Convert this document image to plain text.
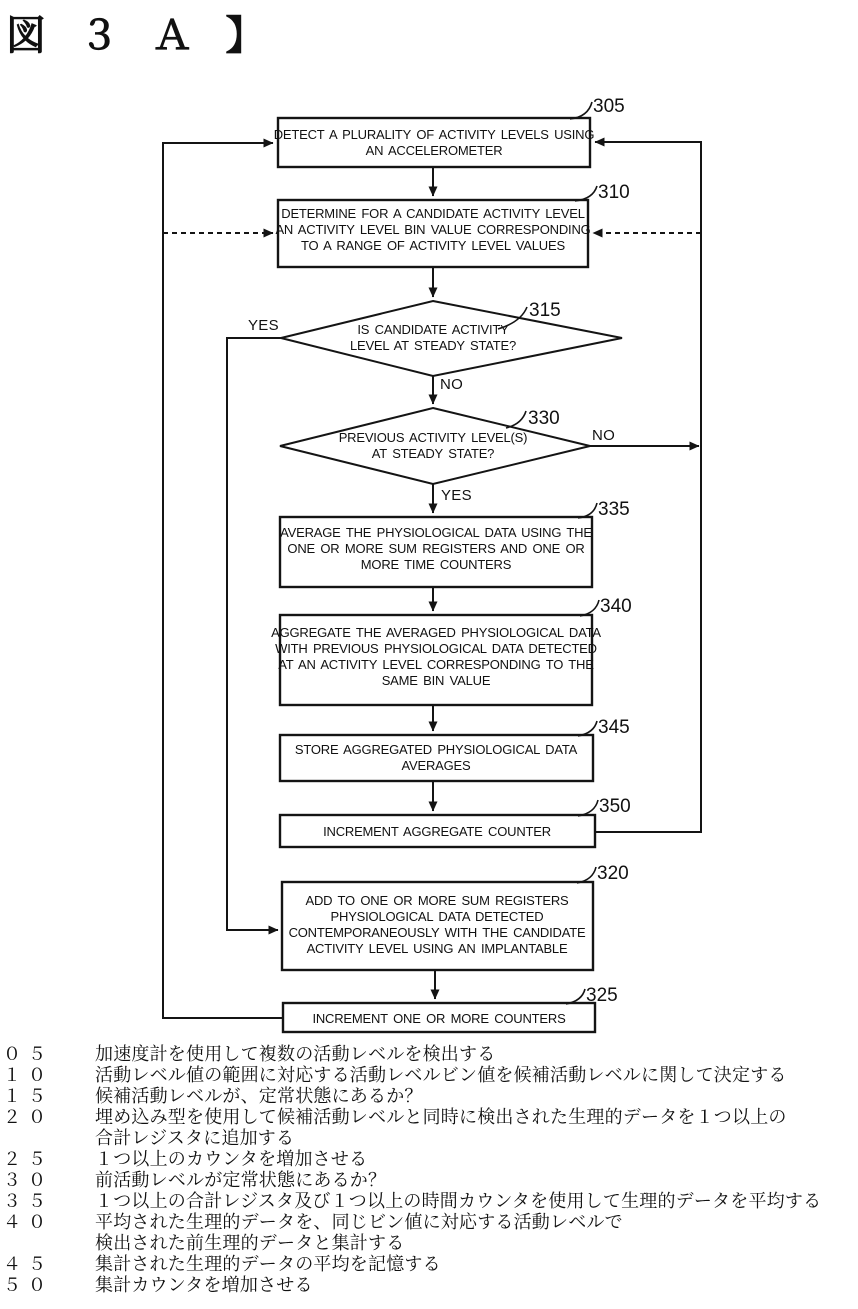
図 ３ Ａ 】
YES
NO
NO
YES
DETECT A PLURALITY OF ACTIVITY LEVELS USING
AN ACCELEROMETER
305
DETERMINE FOR A CANDIDATE ACTIVITY LEVEL
AN ACTIVITY LEVEL BIN VALUE CORRESPONDING
TO A RANGE OF ACTIVITY LEVEL VALUES
310
IS CANDIDATE ACTIVITY
LEVEL AT STEADY STATE?
315
PREVIOUS ACTIVITY LEVEL(S)
AT STEADY STATE?
330
AVERAGE THE PHYSIOLOGICAL DATA USING THE
ONE OR MORE SUM REGISTERS AND ONE OR
MORE TIME COUNTERS
335
AGGREGATE THE AVERAGED PHYSIOLOGICAL DATA
WITH PREVIOUS PHYSIOLOGICAL DATA DETECTED
AT AN ACTIVITY LEVEL CORRESPONDING TO THE
SAME BIN VALUE
340
STORE AGGREGATED PHYSIOLOGICAL DATA
AVERAGES
345
INCREMENT AGGREGATE COUNTER
350
ADD TO ONE OR MORE SUM REGISTERS
PHYSIOLOGICAL DATA DETECTED
CONTEMPORANEOUSLY WITH THE CANDIDATE
ACTIVITY LEVEL USING AN IMPLANTABLE
320
INCREMENT ONE OR MORE COUNTERS
325
０５	加速度計を使用して複数の活動レベルを検出する
１０	活動レベル値の範囲に対応する活動レベルビン値を候補活動レベルに関して決定する
１５	候補活動レベルが、定常状態にあるか？
２０	埋め込み型を使用して候補活動レベルと同時に検出された生理的データを１つ以上の
合計レジスタに追加する
２５	１つ以上のカウンタを増加させる
３０	前活動レベルが定常状態にあるか？
３５	１つ以上の合計レジスタ及び１つ以上の時間カウンタを使用して生理的データを平均する
４０	平均された生理的データを、同じビン値に対応する活動レベルで
検出された前生理的データと集計する
４５	集計された生理的データの平均を記憶する
５０	集計カウンタを増加させる
